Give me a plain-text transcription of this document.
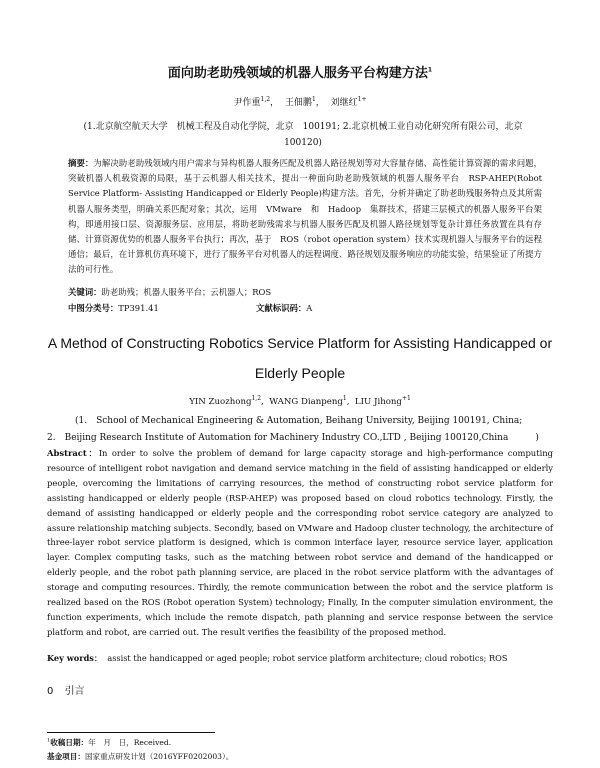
面向助老助残领域的机器人服务平台构建方法$^1$
尹作重$^{1,2}$， 王佃鹏$^1$， 刘继红$^{1+}$
(1.北京航空航天大学　机械工程及自动化学院，北京　100191; 2.北京机械工业自动化研究所有限公司，北京　100120)
摘要：为解决助老助残领域内用户需求与异构机器人服务匹配及机器人路径规划等对大容量存储、高性能计算资源的需求问题，突破机器人机载资源的局限，基于云机器人相关技术，提出一种面向助老助残领域的机器人服务平台　RSP-AHEP(Robot Service Platform- Assisting Handicapped or Elderly People)构建方法。首先，分析并确定了助老助残服务特点及其所需机器人服务类型，明确关系匹配对象；其次，运用　VMware　和　Hadoop　集群技术，搭建三层模式的机器人服务平台架构，即通用接口层、资源服务层、应用层，将助老助残需求与机器人服务匹配及机器人路径规划等复杂计算任务放置在具有存储、计算资源优势的机器人服务平台执行；再次，基于　ROS（robot operation system）技术实现机器人与服务平台的远程通信；最后，在计算机仿真环境下，进行了服务平台对机器人的远程调度、路径规划及服务响应的功能实验，结果验证了所提方法的可行性。
关键词：助老助残；机器人服务平台；云机器人；ROS
中图分类号：TP391.41	文献标识码：A
A Method of Constructing Robotics Service Platform for Assisting Handicapped or Elderly People
YIN Zuozhong$^{1,2}$,  WANG Dianpeng$^1$,  LIU Jihong$^{+1}$
(1.　School of Mechanical Engineering & Automation, Beihang University, Beijing 100191, China;
2.　Beijing Research Institute of Automation for Machinery Industry CO.,LTD , Beijing 100120,China　　　)
Abstract：In order to solve the problem of demand for large capacity storage and high-performance computing resource of intelligent robot navigation and demand service matching in the field of assisting handicapped or elderly people, overcoming the limitations of carrying resources, the method of constructing robot service platform for assisting handicapped or elderly people (RSP-AHEP) was proposed based on cloud robotics technology. Firstly, the demand of assisting handicapped or elderly people and the corresponding robot service category are analyzed to assure relationship matching subjects. Secondly, based on VMware and Hadoop cluster technology, the architecture of three-layer robot service platform is designed, which is common interface layer, resource service layer, application layer. Complex computing tasks, such as the matching between robot service and demand of the handicapped or elderly people, and the robot path planning service, are placed in the robot service platform with the advantages of storage and computing resources. Thirdly, the remote communication between the robot and the service platform is realized based on the ROS (Robot operation System) technology; Finally, In the computer simulation environment, the function experiments, which include the remote dispatch, path planning and service response between the service platform and robot, are carried out. The result verifies the feasibility of the proposed method.
Key words： assist the handicapped or aged people; robot service platform architecture; cloud robotics; ROS
0 引言
$^1$收稿日期：年　月　日，Received.
基金项目：国家重点研发计划（2016YFF0202003）。
